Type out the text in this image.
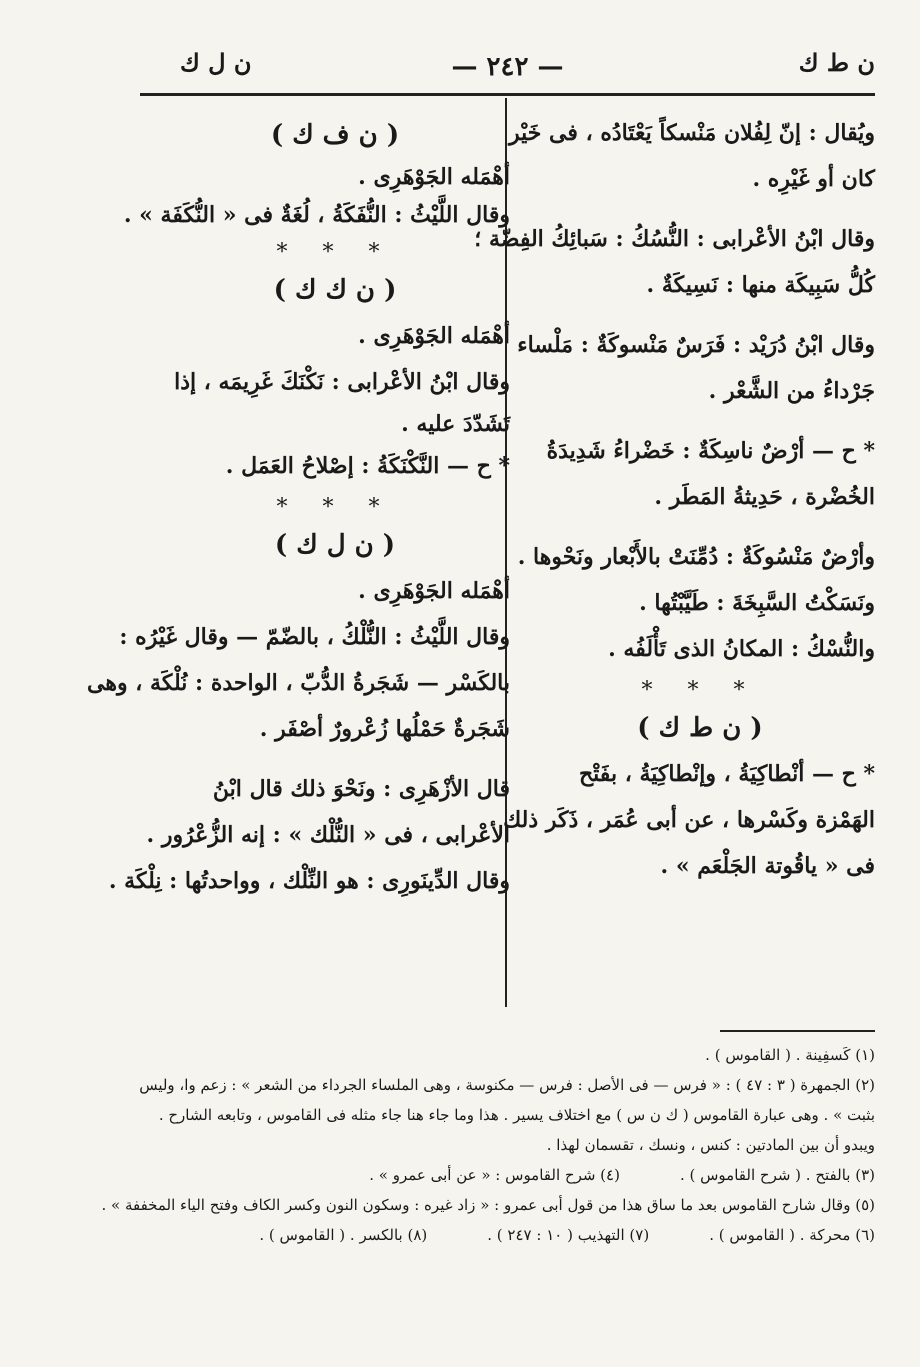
ن ط ك
— ٢٤٢ —
ن ل ك

ويُقال : إنّ لِفُلان مَنْسكاً يَعْتَادُه ، فى خَيْر

كان أو غَيْرِه .

وقال ابْنُ الأعْرابى : النُّسُكُ : سَبائِكُ الفِضّة ؛

كُلُّ سَبِيكَة منها : نَسِيكَةٌ .

وقال ابْنُ دُرَيْد : فَرَسٌ مَنْسوكَةٌ : مَلْساء

جَرْداءُ من الشَّعْر .

* ح — أرْضٌ ناسِكَةٌ : خَضْراءُ شَدِيدَةُ

الخُضْرة ، حَدِيثةُ المَطَر .

وأرْضٌ مَنْسُوكَةٌ : دُمِّنَتْ بالأَبْعار ونَحْوها .

ونَسَكْتُ السَّبِخَةَ : طَيَّبْتُها .

والنُّسْكُ : المكانُ الذى تَأْلَفُه .

* * *
( ن ط ك )

* ح — أنْطاكِيَةُ ، وإنْطاكِيَةُ ، بفَتْح

الهَمْزة وكَسْرها ، عن أبى عُمَر ، ذَكَر ذلك

فى « ياقُوتة الجَلْعَم » .

( ن ف ك )

أهْمَله الجَوْهَرِى .

وقال اللَّيْثُ : النُّفَكَةُ ، لُغَةٌ فى « النُّكَفَة » .

* * *
( ن ك ك )

أهْمَله الجَوْهَرِى .

وقال ابْنُ الأعْرابى : نَكْنَكَ غَرِيمَه ، إذا

تَشَدّدَ عليه .

* ح — النَّكْنَكَةُ : إصْلاحُ العَمَل .

* * *
( ن ل ك )

أهْمَله الجَوْهَرِى .

وقال اللَّيْثُ : النُّلْكُ ، بالضّمّ — وقال غَيْرُه :

بالكَسْر — شَجَرةُ الدُّبّ ، الواحدة : نُلْكَة ، وهى

شَجَرةٌ حَمْلُها زُعْرورٌ أصْفَر .

قال الأزْهَرِى : ونَحْوَ ذلك قال ابْنُ

الأعْرابى ، فى « النُّلْك » : إنه الزُّعْرُور .

وقال الدِّينَورِى : هو النِّلْك ، وواحدتُها : نِلْكَة .

(١) كَسفِينة . ( القاموس ) .

(٢) الجمهرة ( ٣ : ٤٧ ) : « فرس — فى الأصل : فرس — مكنوسة ، وهى الملساء الجرداء من الشعر » : زعم وا، وليس

بثبت » . وهى عبارة القاموس ( ك ن س ) مع اختلاف يسير . هذا وما جاء هنا جاء مثله فى القاموس ، وتابعه الشارح .

ويبدو أن بين المادتين : كنس ، ونسك ، تقسمان لهذا .

(٣) بالفتح . ( شرح القاموس ) .

(٤) شرح القاموس : « عن أبى عمرو » .

(٥) وقال شارح القاموس بعد ما ساق هذا من قول أبى عمرو : « زاد غيره : وسكون النون وكسر الكاف وفتح الياء المخففة » .

(٦) محركة . ( القاموس ) .

(٧) التهذيب ( ١٠ : ٢٤٧ ) .

(٨) بالكسر . ( القاموس ) .
